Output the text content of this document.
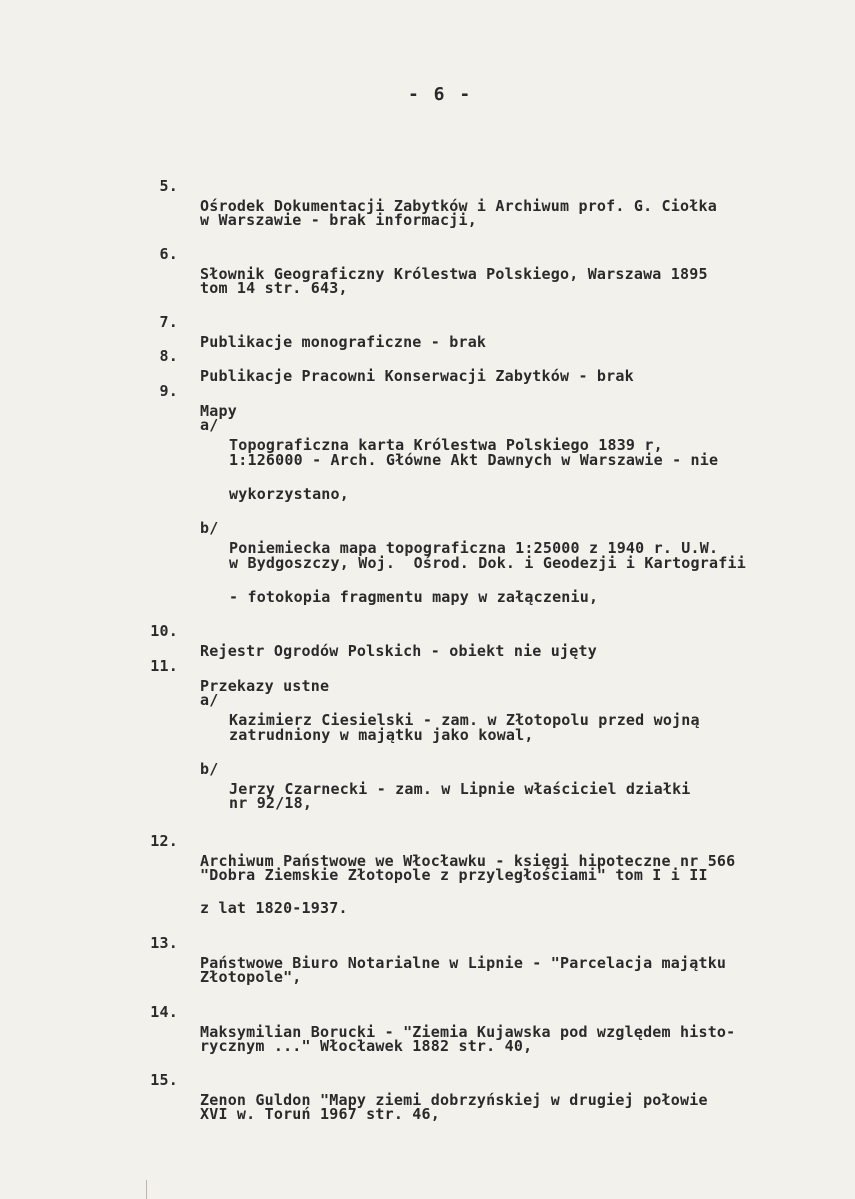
- 6 -

5.

Ośrodek Dokumentacji Zabytków i Archiwum prof. G. Ciołka

w Warszawie - brak informacji,

6.

Słownik Geograficzny Królestwa Polskiego, Warszawa 1895

tom 14 str. 643,

7.

Publikacje monograficzne - brak

8.

Publikacje Pracowni Konserwacji Zabytków - brak

9.

Mapy

a/

Topograficzna karta Królestwa Polskiego 1839 r,

1:126000 - Arch. Główne Akt Dawnych w Warszawie - nie

wykorzystano,

b/

Poniemiecka mapa topograficzna 1:25000 z 1940 r. U.W.

w Bydgoszczy, Woj.  Ośrod. Dok. i Geodezji i Kartografii

- fotokopia fragmentu mapy w załączeniu,

10.

Rejestr Ogrodów Polskich - obiekt nie ujęty

11.

Przekazy ustne

a/

Kazimierz Ciesielski - zam. w Złotopolu przed wojną

zatrudniony w majątku jako kowal,

b/

Jerzy Czarnecki - zam. w Lipnie właściciel działki

nr 92/18,

12.

Archiwum Państwowe we Włocławku - księgi hipoteczne nr 566

"Dobra Ziemskie Złotopole z przyległościami" tom I i II

z lat 1820-1937.

13.

Państwowe Biuro Notarialne w Lipnie - "Parcelacja majątku

Złotopole",

14.

Maksymilian Borucki - "Ziemia Kujawska pod względem histo-

rycznym ..." Włocławek 1882 str. 40,

15.

Zenon Guldon "Mapy ziemi dobrzyńskiej w drugiej połowie

XVI w. Toruń 1967 str. 46,
